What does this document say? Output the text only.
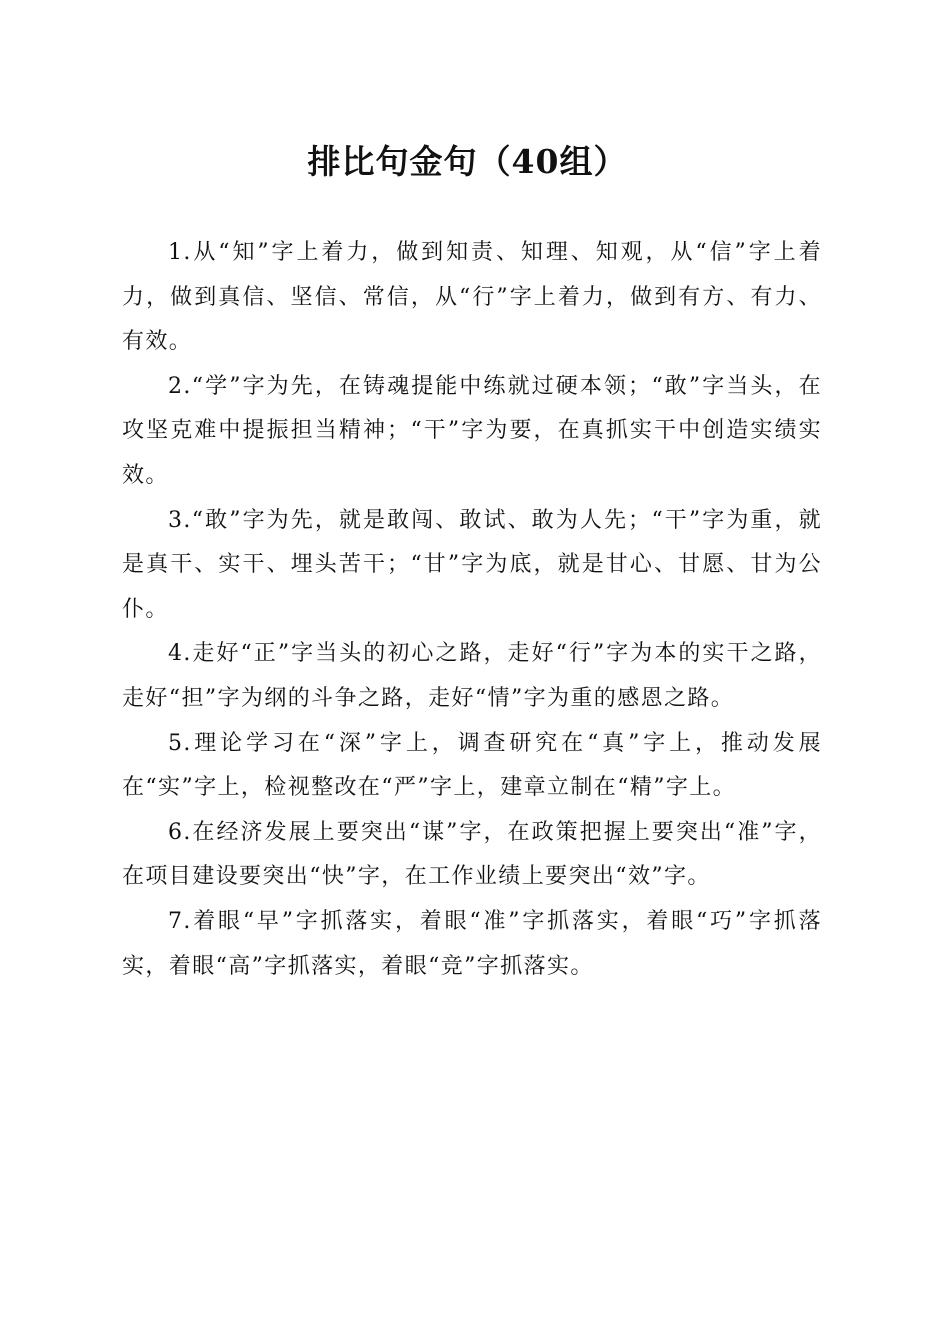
排比句金句（40组）

1.从“知”字上着力，做到知责、知理、知观，从“信”字上着力，做到真信、坚信、常信，从“行”字上着力，做到有方、有力、有效。

2.“学”字为先，在铸魂提能中练就过硬本领；“敢”字当头，在攻坚克难中提振担当精神；“干”字为要，在真抓实干中创造实绩实效。

3.“敢”字为先，就是敢闯、敢试、敢为人先；“干”字为重，就是真干、实干、埋头苦干；“甘”字为底，就是甘心、甘愿、甘为公仆。

4.走好“正”字当头的初心之路，走好“行”字为本的实干之路，走好“担”字为纲的斗争之路，走好“情”字为重的感恩之路。

5.理论学习在“深”字上，调查研究在“真”字上，推动发展在“实”字上，检视整改在“严”字上，建章立制在“精”字上。

6.在经济发展上要突出“谋”字，在政策把握上要突出“准”字，在项目建设要突出“快”字，在工作业绩上要突出“效”字。

7.着眼“早”字抓落实，着眼“准”字抓落实，着眼“巧”字抓落实，着眼“高”字抓落实，着眼“竞”字抓落实。
